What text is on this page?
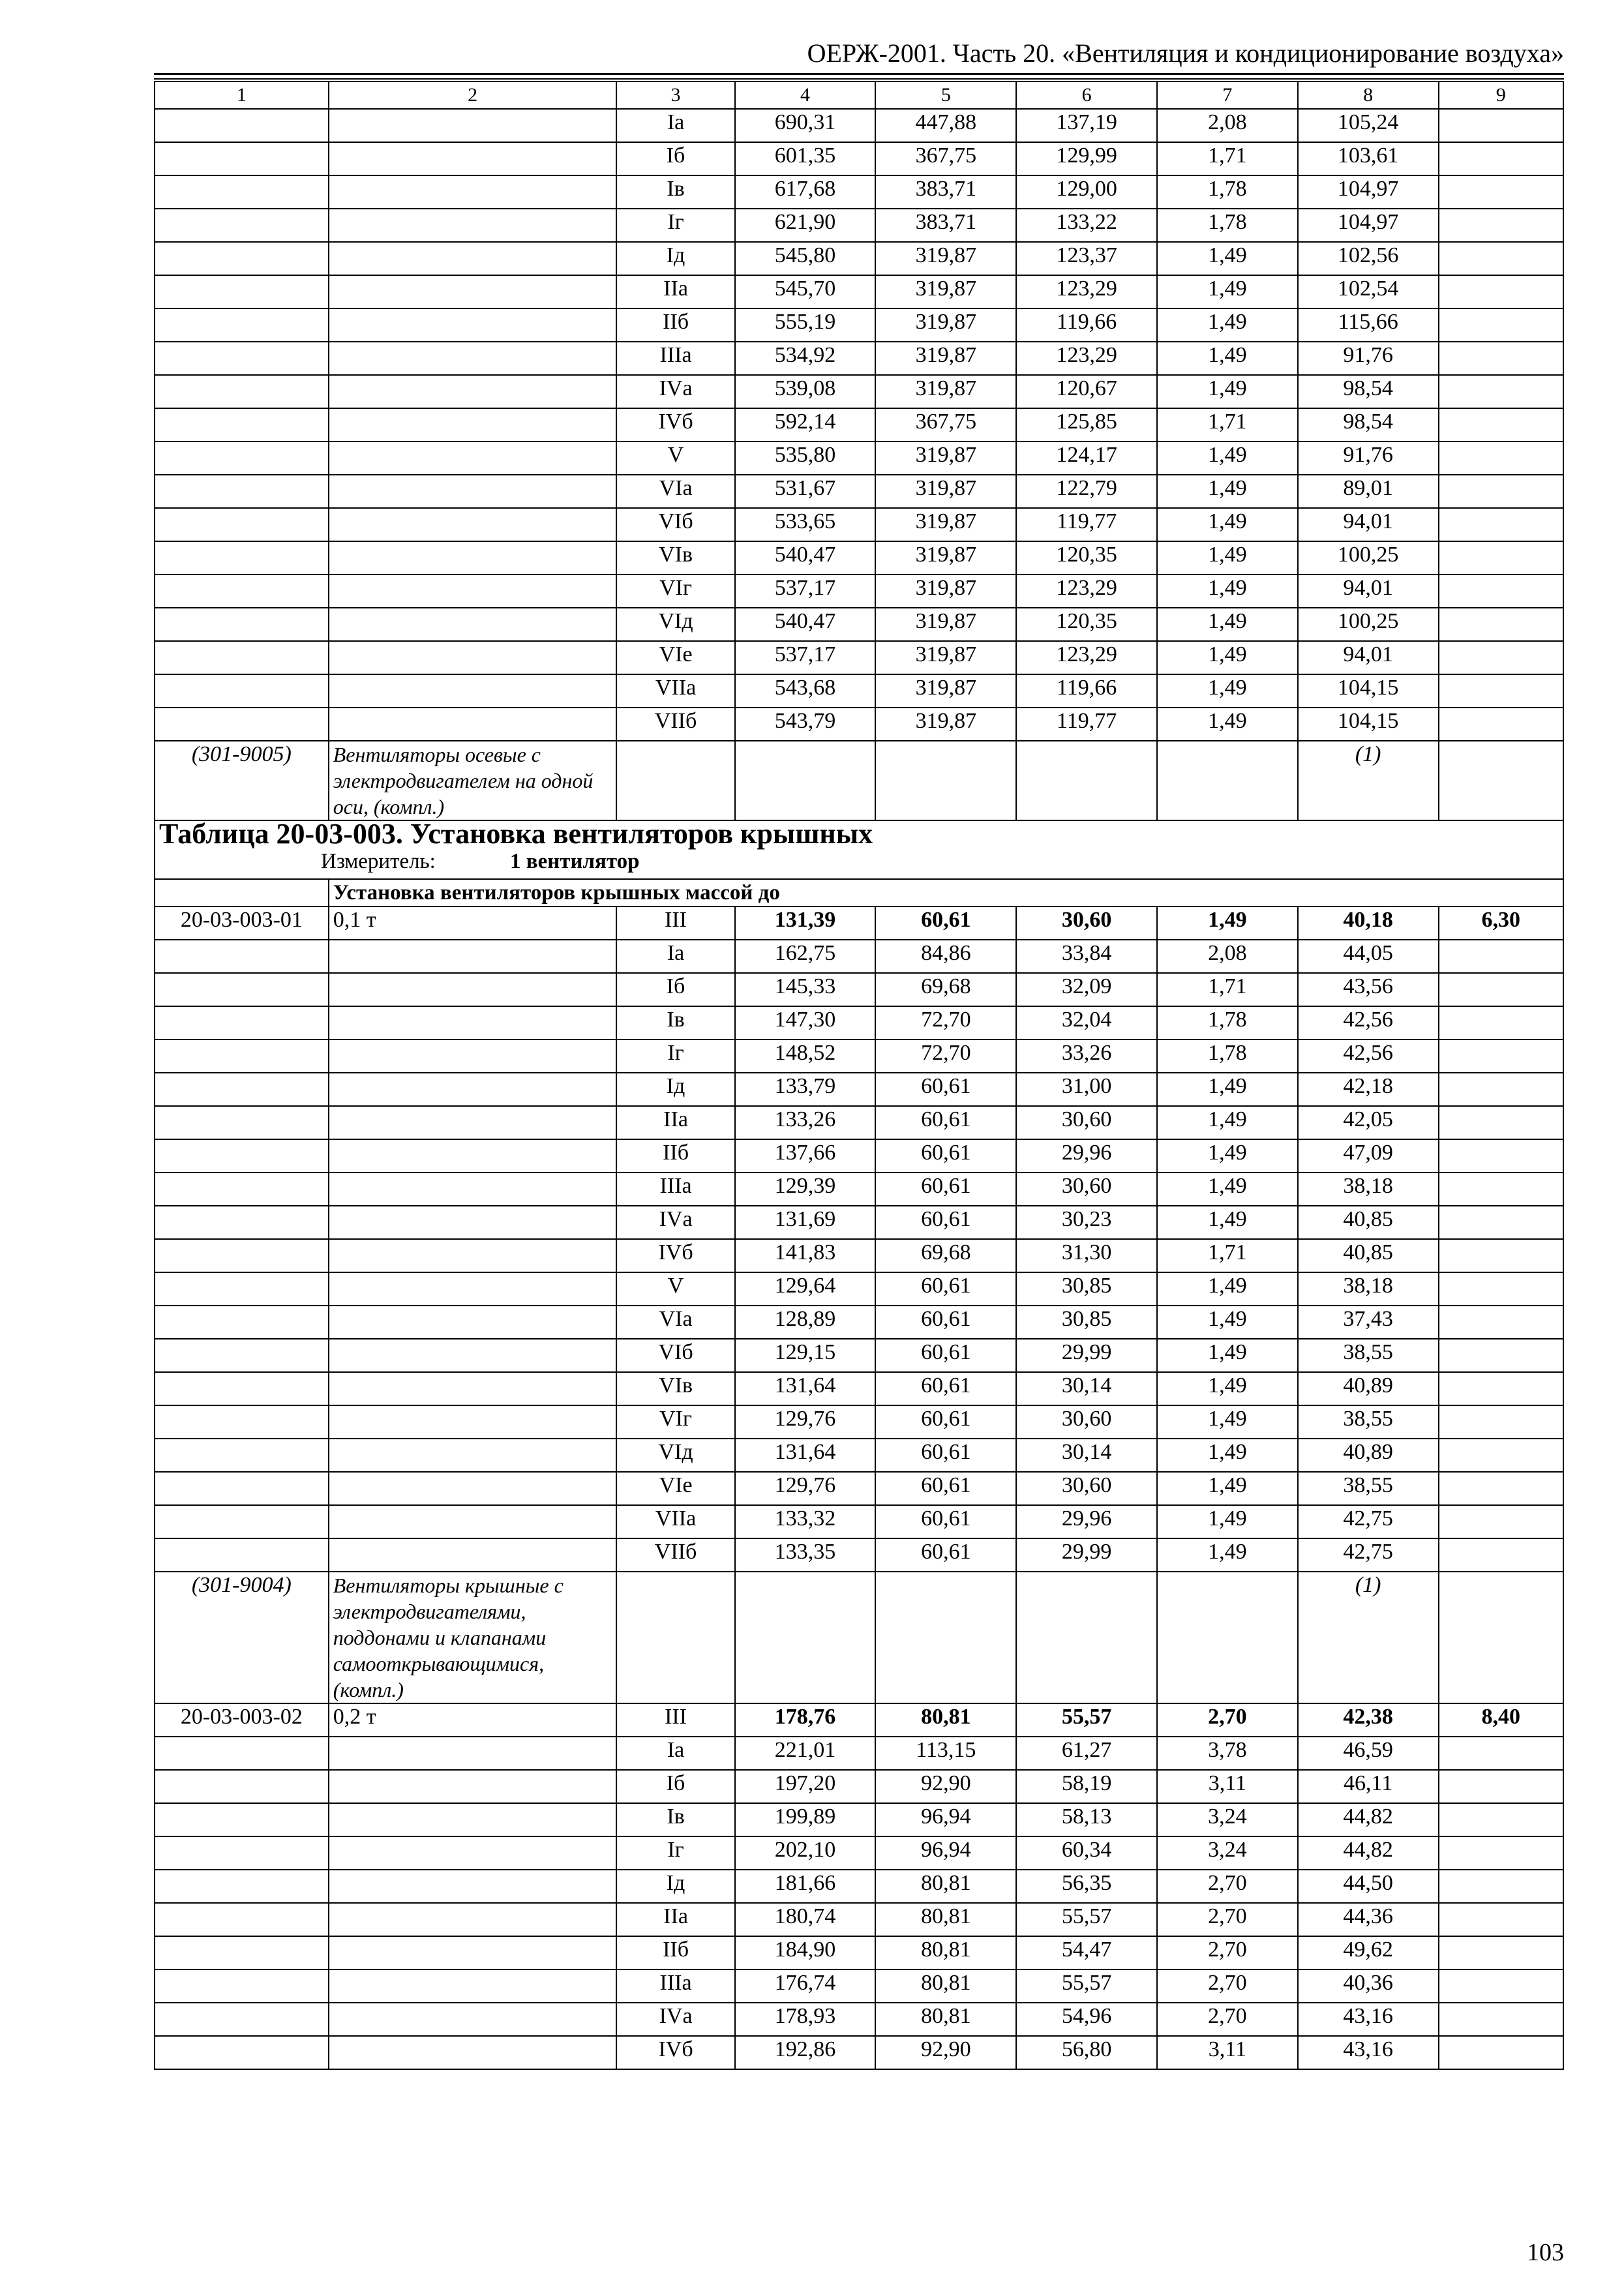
ОЕРЖ-2001. Часть 20. «Вентиляция и кондиционирование воздуха»
1	2	3	4	5	6	7	8	9
		Iа	690,31	447,88	137,19	2,08	105,24	
		Iб	601,35	367,75	129,99	1,71	103,61	
		Iв	617,68	383,71	129,00	1,78	104,97	
		Iг	621,90	383,71	133,22	1,78	104,97	
		Iд	545,80	319,87	123,37	1,49	102,56	
		IIа	545,70	319,87	123,29	1,49	102,54	
		IIб	555,19	319,87	119,66	1,49	115,66	
		IIIа	534,92	319,87	123,29	1,49	91,76	
		IVа	539,08	319,87	120,67	1,49	98,54	
		IVб	592,14	367,75	125,85	1,71	98,54	
		V	535,80	319,87	124,17	1,49	91,76	
		VIа	531,67	319,87	122,79	1,49	89,01	
		VIб	533,65	319,87	119,77	1,49	94,01	
		VIв	540,47	319,87	120,35	1,49	100,25	
		VIг	537,17	319,87	123,29	1,49	94,01	
		VIд	540,47	319,87	120,35	1,49	100,25	
		VIе	537,17	319,87	123,29	1,49	94,01	
		VIIа	543,68	319,87	119,66	1,49	104,15	
		VIIб	543,79	319,87	119,77	1,49	104,15	
(301-9005)	Вентиляторы осевые с электродвигателем на одной оси, (компл.)						(1)	

Таблица 20-03-003. Установка вентиляторов крышных
Измеритель: 1 вентилятор								

	Установка вентиляторов крышных массой до							
20-03-003-01	0,1 т	III	131,39	60,61	30,60	1,49	40,18	6,30
		Iа	162,75	84,86	33,84	2,08	44,05	
		Iб	145,33	69,68	32,09	1,71	43,56	
		Iв	147,30	72,70	32,04	1,78	42,56	
		Iг	148,52	72,70	33,26	1,78	42,56	
		Iд	133,79	60,61	31,00	1,49	42,18	
		IIа	133,26	60,61	30,60	1,49	42,05	
		IIб	137,66	60,61	29,96	1,49	47,09	
		IIIа	129,39	60,61	30,60	1,49	38,18	
		IVа	131,69	60,61	30,23	1,49	40,85	
		IVб	141,83	69,68	31,30	1,71	40,85	
		V	129,64	60,61	30,85	1,49	38,18	
		VIа	128,89	60,61	30,85	1,49	37,43	
		VIб	129,15	60,61	29,99	1,49	38,55	
		VIв	131,64	60,61	30,14	1,49	40,89	
		VIг	129,76	60,61	30,60	1,49	38,55	
		VIд	131,64	60,61	30,14	1,49	40,89	
		VIе	129,76	60,61	30,60	1,49	38,55	
		VIIа	133,32	60,61	29,96	1,49	42,75	
		VIIб	133,35	60,61	29,99	1,49	42,75	
(301-9004)	Вентиляторы крышные с электродвигателями, поддонами и клапанами самооткрывающимися, (компл.)						(1)	
20-03-003-02	0,2 т	III	178,76	80,81	55,57	2,70	42,38	8,40
		Iа	221,01	113,15	61,27	3,78	46,59	
		Iб	197,20	92,90	58,19	3,11	46,11	
		Iв	199,89	96,94	58,13	3,24	44,82	
		Iг	202,10	96,94	60,34	3,24	44,82	
		Iд	181,66	80,81	56,35	2,70	44,50	
		IIа	180,74	80,81	55,57	2,70	44,36	
		IIб	184,90	80,81	54,47	2,70	49,62	
		IIIа	176,74	80,81	55,57	2,70	40,36	
		IVа	178,93	80,81	54,96	2,70	43,16	
		IVб	192,86	92,90	56,80	3,11	43,16	
103
